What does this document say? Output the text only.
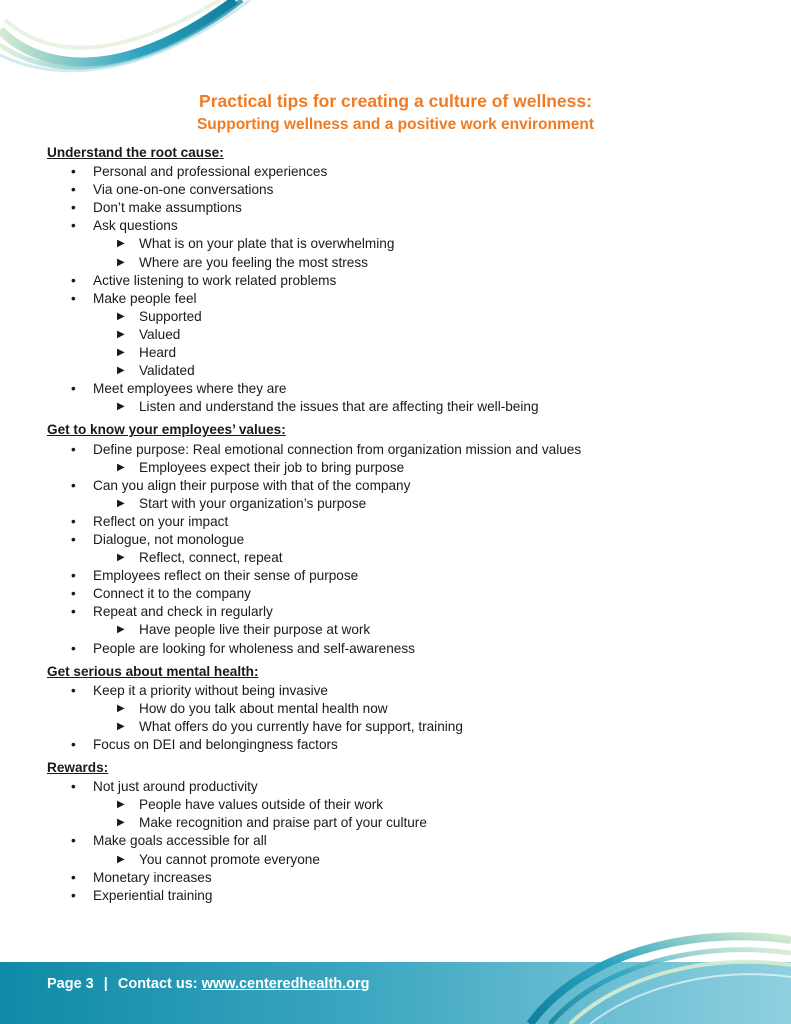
Practical tips for creating a culture of wellness:
Supporting wellness and a positive work environment
Understand the root cause:
• Personal and professional experiences
• Via one-on-one conversations
• Don’t make assumptions
• Ask questions
▶ What is on your plate that is overwhelming
▶ Where are you feeling the most stress
• Active listening to work related problems
• Make people feel
▶ Supported
▶ Valued
▶ Heard
▶ Validated
• Meet employees where they are
▶ Listen and understand the issues that are affecting their well-being
Get to know your employees’ values:
• Define purpose: Real emotional connection from organization mission and values
▶ Employees expect their job to bring purpose
• Can you align their purpose with that of the company
▶ Start with your organization’s purpose
• Reflect on your impact
• Dialogue, not monologue
▶ Reflect, connect, repeat
• Employees reflect on their sense of purpose
• Connect it to the company
• Repeat and check in regularly
▶ Have people live their purpose at work
• People are looking for wholeness and self-awareness
Get serious about mental health:
• Keep it a priority without being invasive
▶ How do you talk about mental health now
▶ What offers do you currently have for support, training
• Focus on DEI and belongingness factors
Rewards:
• Not just around productivity
▶ People have values outside of their work
▶ Make recognition and praise part of your culture
• Make goals accessible for all
▶ You cannot promote everyone
• Monetary increases
• Experiential training
Page 3 | Contact us: www.centeredhealth.org
